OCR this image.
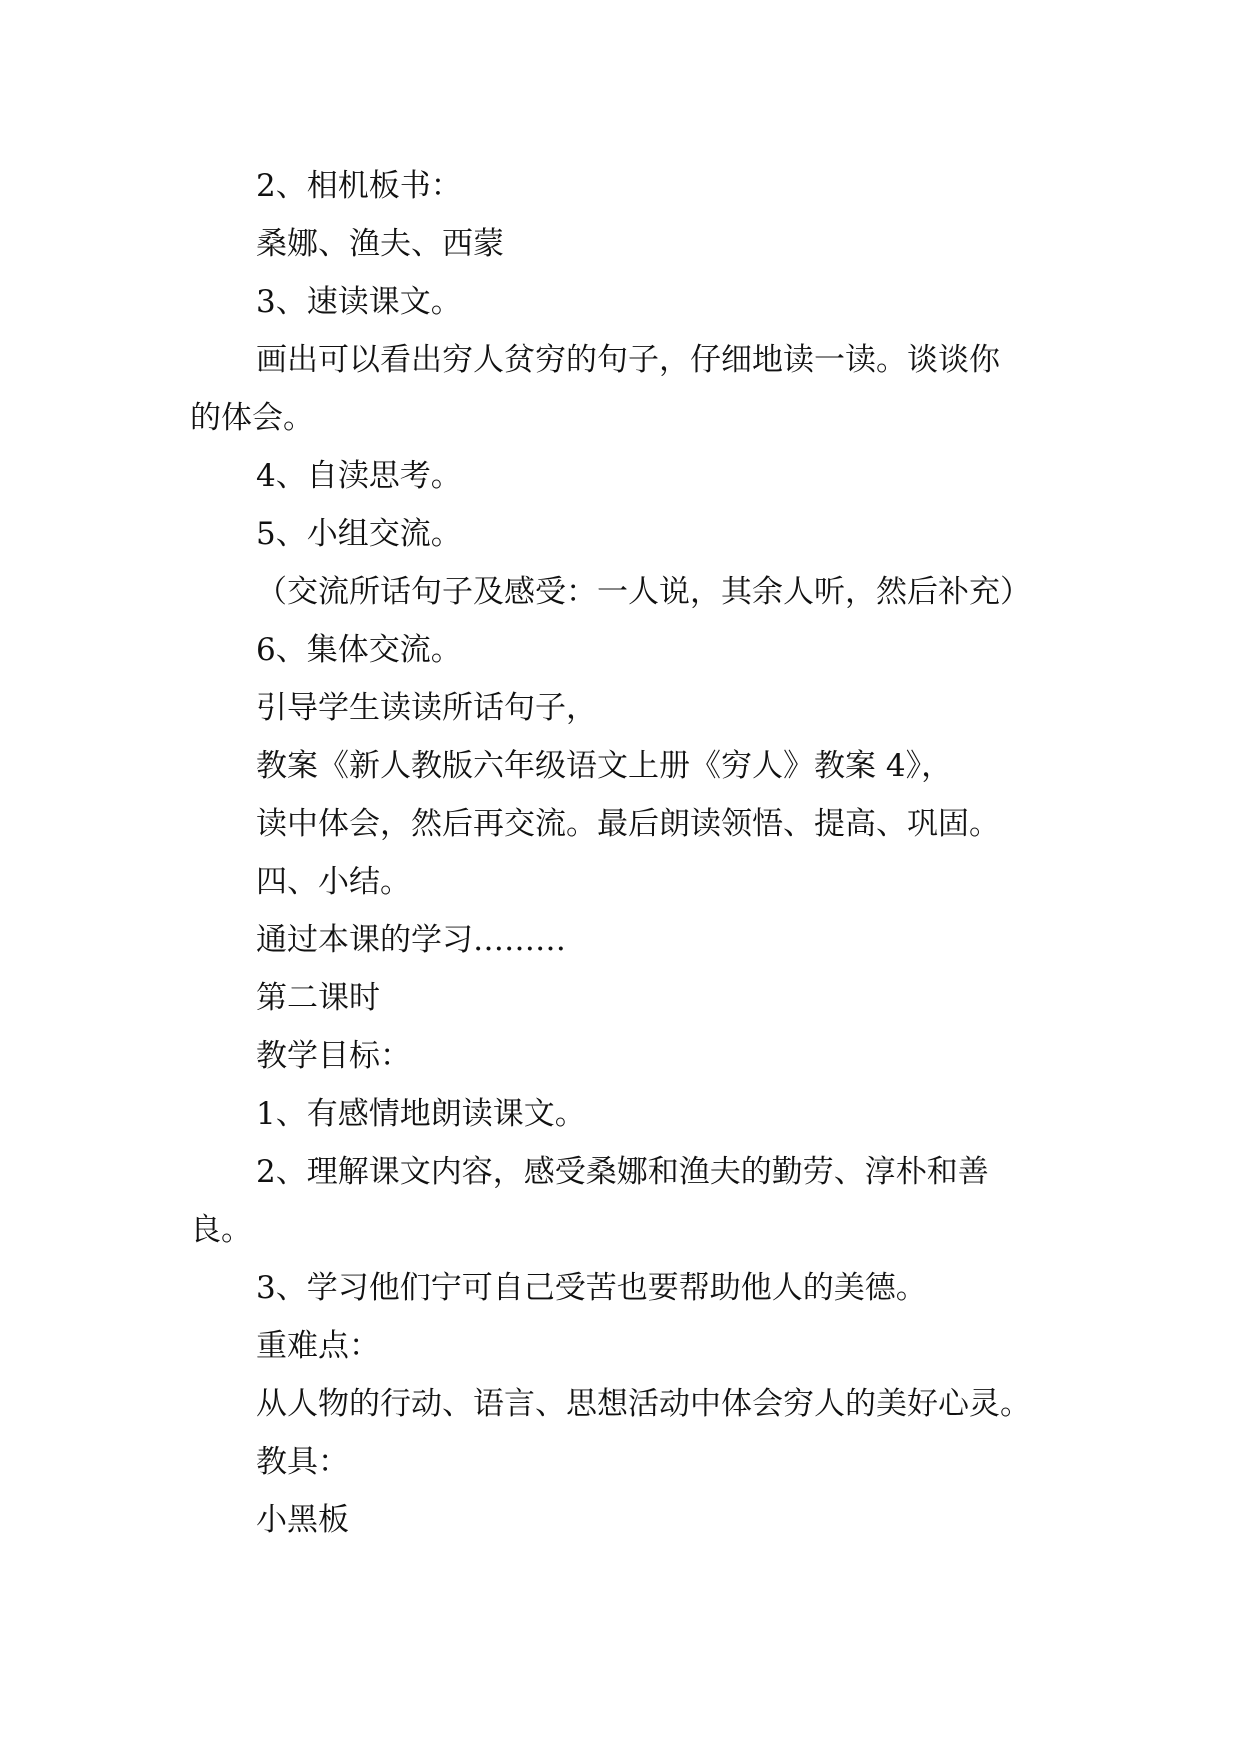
2、相机板书：
桑娜、渔夫、西蒙
3、速读课文。
画出可以看出穷人贫穷的句子，仔细地读一读。谈谈你
的体会。
4、自渎思考。
5、小组交流。
（交流所话句子及感受：一人说，其余人听，然后补充）
6、集体交流。
引导学生读读所话句子，
教案《新人教版六年级语文上册《穷人》教案 4》，
读中体会，然后再交流。最后朗读领悟、提高、巩固。
四、小结。
通过本课的学习………
第二课时
教学目标：
1、有感情地朗读课文。
2、理解课文内容，感受桑娜和渔夫的勤劳、淳朴和善
良。
3、学习他们宁可自己受苦也要帮助他人的美德。
重难点：
从人物的行动、语言、思想活动中体会穷人的美好心灵。
教具：
小黑板
